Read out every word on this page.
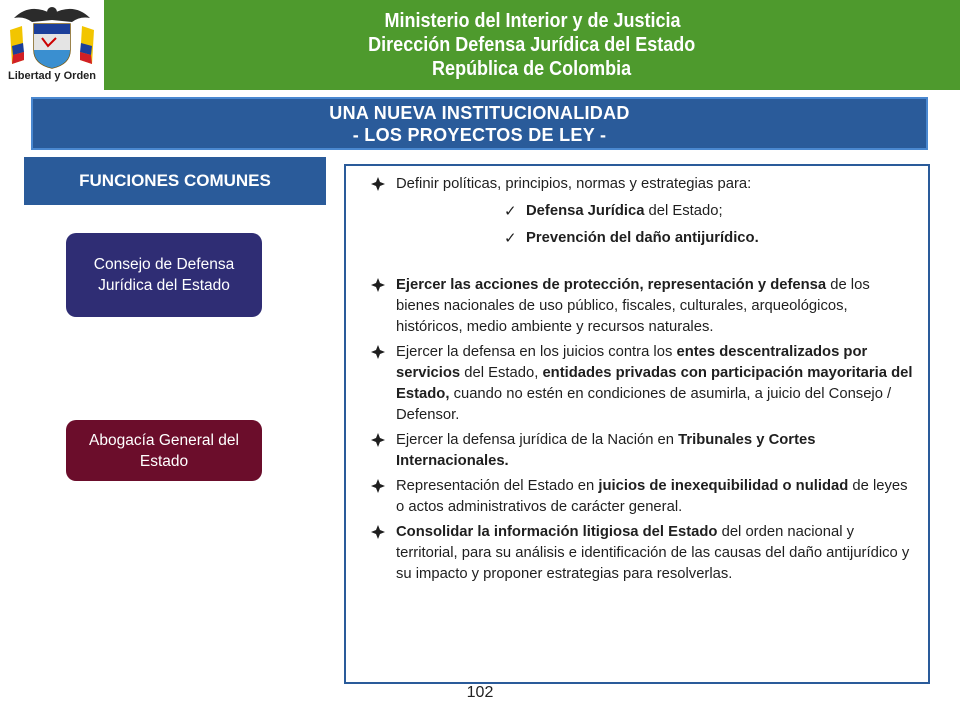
Libertad y Orden
Ministerio del Interior y de Justicia
Dirección Defensa Jurídica del Estado
República de Colombia
UNA NUEVA INSTITUCIONALIDAD
- LOS PROYECTOS DE LEY -
FUNCIONES COMUNES
Consejo de Defensa Jurídica del Estado
Abogacía General del Estado
Definir políticas, principios, normas y estrategias para:
✓ Defensa Jurídica del Estado;
✓ Prevención del daño antijurídico.
Ejercer las acciones de protección, representación y defensa de los bienes nacionales de uso público, fiscales, culturales, arqueológicos, históricos, medio ambiente y recursos naturales.
Ejercer la defensa en los juicios contra los entes descentralizados por servicios del Estado, entidades privadas con participación mayoritaria del Estado, cuando no estén en condiciones de asumirla, a juicio del Consejo / Defensor.
Ejercer la defensa jurídica de la Nación en Tribunales y Cortes Internacionales.
Representación del Estado en juicios de inexequibilidad o nulidad de leyes o actos administrativos de carácter general.
Consolidar la información litigiosa del Estado del orden nacional y territorial, para su análisis e identificación de las causas del daño antijurídico y su impacto y proponer estrategias para resolverlas.
102
